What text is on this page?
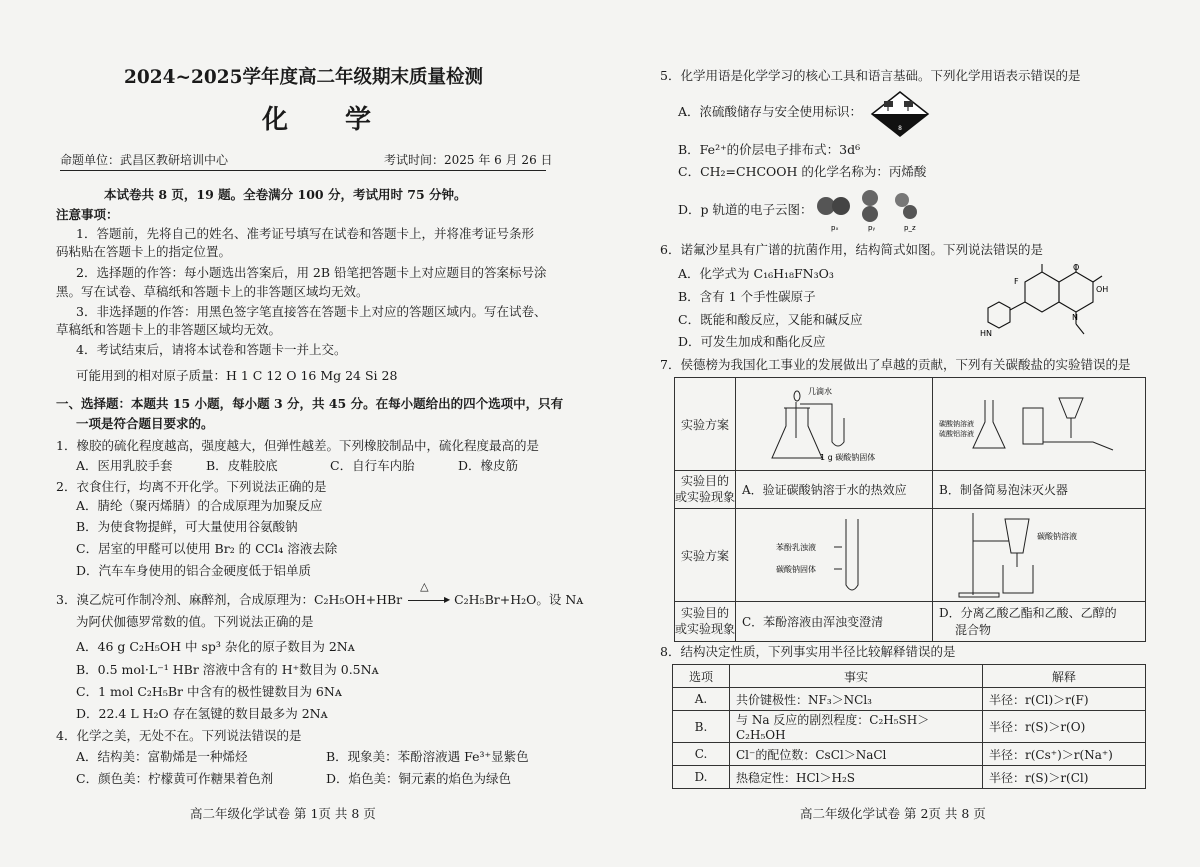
2024~2025学年度高二年级期末质量检测
化 学
命题单位：武昌区教研培训中心	考试时间：2025 年 6 月 26 日
本试卷共 8 页，19 题。全卷满分 100 分，考试用时 75 分钟。
注意事项：
1．答题前，先将自己的姓名、准考证号填写在试卷和答题卡上，并将准考证号条形
码粘贴在答题卡上的指定位置。
2．选择题的作答：每小题选出答案后，用 2B 铅笔把答题卡上对应题目的答案标号涂
黑。写在试卷、草稿纸和答题卡上的非答题区域均无效。
3．非选择题的作答：用黑色签字笔直接答在答题卡上对应的答题区域内。写在试卷、
草稿纸和答题卡上的非答题区域均无效。
4．考试结束后，请将本试卷和答题卡一并上交。
可能用到的相对原子质量：H 1 C 12 O 16 Mg 24 Si 28
一、选择题：本题共 15 小题，每小题 3 分，共 45 分。在每小题给出的四个选项中，只有
一项是符合题目要求的。
1．橡胶的硫化程度越高，强度越大，但弹性越差。下列橡胶制品中，硫化程度最高的是
A．医用乳胶手套	B．皮鞋胶底	C．自行车内胎	D．橡皮筋
2．衣食住行，均离不开化学。下列说法正确的是
A．腈纶（聚丙烯腈）的合成原理为加聚反应
B．为使食物提鲜，可大量使用谷氨酸钠
C．居室的甲醛可以使用 Br₂ 的 CCl₄ 溶液去除
D．汽车车身使用的铝合金硬度低于铝单质
3．溴乙烷可作制冷剂、麻醉剂，合成原理为：C₂H₅OH+HBr
△
▶ C₂H₅Br+H₂O。设 Nᴀ
为阿伏伽德罗常数的值。下列说法正确的是
A．46 g C₂H₅OH 中 sp³ 杂化的原子数目为 2Nᴀ
B．0.5 mol·L⁻¹ HBr 溶液中含有的 H⁺数目为 0.5Nᴀ
C．1 mol C₂H₅Br 中含有的极性键数目为 6Nᴀ
D．22.4 L H₂O 存在氢键的数目最多为 2Nᴀ
4．化学之美，无处不在。下列说法错误的是
A．结构美：富勒烯是一种烯烃	B．现象美：苯酚溶液遇 Fe³⁺显紫色
C．颜色美：柠檬黄可作糖果着色剂	D．焰色美：铜元素的焰色为绿色
高二年级化学试卷 第 1页 共 8 页
5．化学用语是化学学习的核心工具和语言基础。下列化学用语表示错误的是
A．浓硫酸储存与安全使用标识：
8
B．Fe²⁺的价层电子排布式：3d⁶
C．CH₂=CHCOOH 的化学名称为：丙烯酸
D．p 轨道的电子云图：
pₓ	pᵧ	p_z
6．诺氟沙星具有广谱的抗菌作用，结构简式如图。下列说法错误的是
A．化学式为 C₁₆H₁₈FN₃O₃
B．含有 1 个手性碳原子
C．既能和酸反应，又能和碱反应
D．可发生加成和酯化反应
F
O
OH
HN
N
7．侯德榜为我国化工事业的发展做出了卓越的贡献，下列有关碳酸盐的实验错误的是
实验方案	几滴水
1 g 碳酸钠固体	碳酸钠溶液
硫酸铝溶液

实验目的
或实验现象	A．验证碳酸钠溶于水的热效应	B．制备简易泡沫灭火器
实验方案	苯酚乳浊液
碳酸钠固体	碳酸钠溶液

实验目的
或实验现象	C．苯酚溶液由浑浊变澄清	D．分离乙酸乙酯和乙酸、乙醇的
混合物
8．结构决定性质，下列事实用半径比较解释错误的是
选项	事实	解释
A.	共价键极性：NF₃＞NCl₃	半径：r(Cl)＞r(F)
B.	与 Na 反应的剧烈程度：C₂H₅SH＞C₂H₅OH	半径：r(S)＞r(O)
C.	Cl⁻的配位数：CsCl＞NaCl	半径：r(Cs⁺)＞r(Na⁺)
D.	热稳定性：HCl＞H₂S	半径：r(S)＞r(Cl)
高二年级化学试卷 第 2页 共 8 页
